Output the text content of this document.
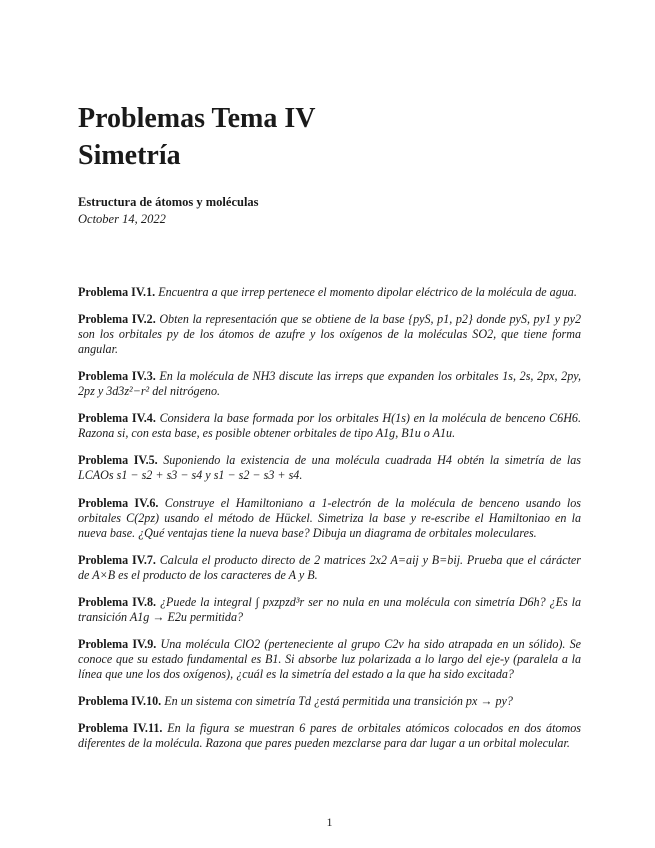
Problemas Tema IV
Simetría
Estructura de átomos y moléculas
October 14, 2022

Problema IV.1. Encuentra a que irrep pertenece el momento dipolar eléctrico de la molécula de agua.

Problema IV.2. Obten la representación que se obtiene de la base {pyS, p1, p2} donde pyS, py1 y py2 son los orbitales py de los átomos de azufre y los oxígenos de la moléculas SO2, que tiene forma angular.

Problema IV.3. En la molécula de NH3 discute las irreps que expanden los orbitales 1s, 2s, 2px, 2py, 2pz y 3d3z²−r² del nitrógeno.

Problema IV.4. Considera la base formada por los orbitales H(1s) en la molécula de benceno C6H6. Razona si, con esta base, es posible obtener orbitales de tipo A1g, B1u o A1u.

Problema IV.5. Suponiendo la existencia de una molécula cuadrada H4 obtén la simetría de las LCAOs s1 − s2 + s3 − s4 y s1 − s2 − s3 + s4.

Problema IV.6. Construye el Hamiltoniano a 1-electrón de la molécula de benceno usando los orbitales C(2pz) usando el método de Hückel. Simetriza la base y re-escribe el Hamiltoniao en la nueva base. ¿Qué ventajas tiene la nueva base? Dibuja un diagrama de orbitales moleculares.

Problema IV.7. Calcula el producto directo de 2 matrices 2x2 A=aij y B=bij. Prueba que el cárácter de A×B es el producto de los caracteres de A y B.

Problema IV.8. ¿Puede la integral ∫ pxzpzd³r ser no nula en una molécula con simetría D6h? ¿Es la transición A1g → E2u permitida?

Problema IV.9. Una molécula ClO2 (perteneciente al grupo C2v ha sido atrapada en un sólido). Se conoce que su estado fundamental es B1. Si absorbe luz polarizada a lo largo del eje-y (paralela a la línea que une los dos oxígenos), ¿cuál es la simetría del estado a la que ha sido excitada?

Problema IV.10. En un sistema con simetría Td ¿está permitida una transición px → py?

Problema IV.11. En la figura se muestran 6 pares de orbitales atómicos colocados en dos átomos diferentes de la molécula. Razona que pares pueden mezclarse para dar lugar a un orbital molecular.

1
